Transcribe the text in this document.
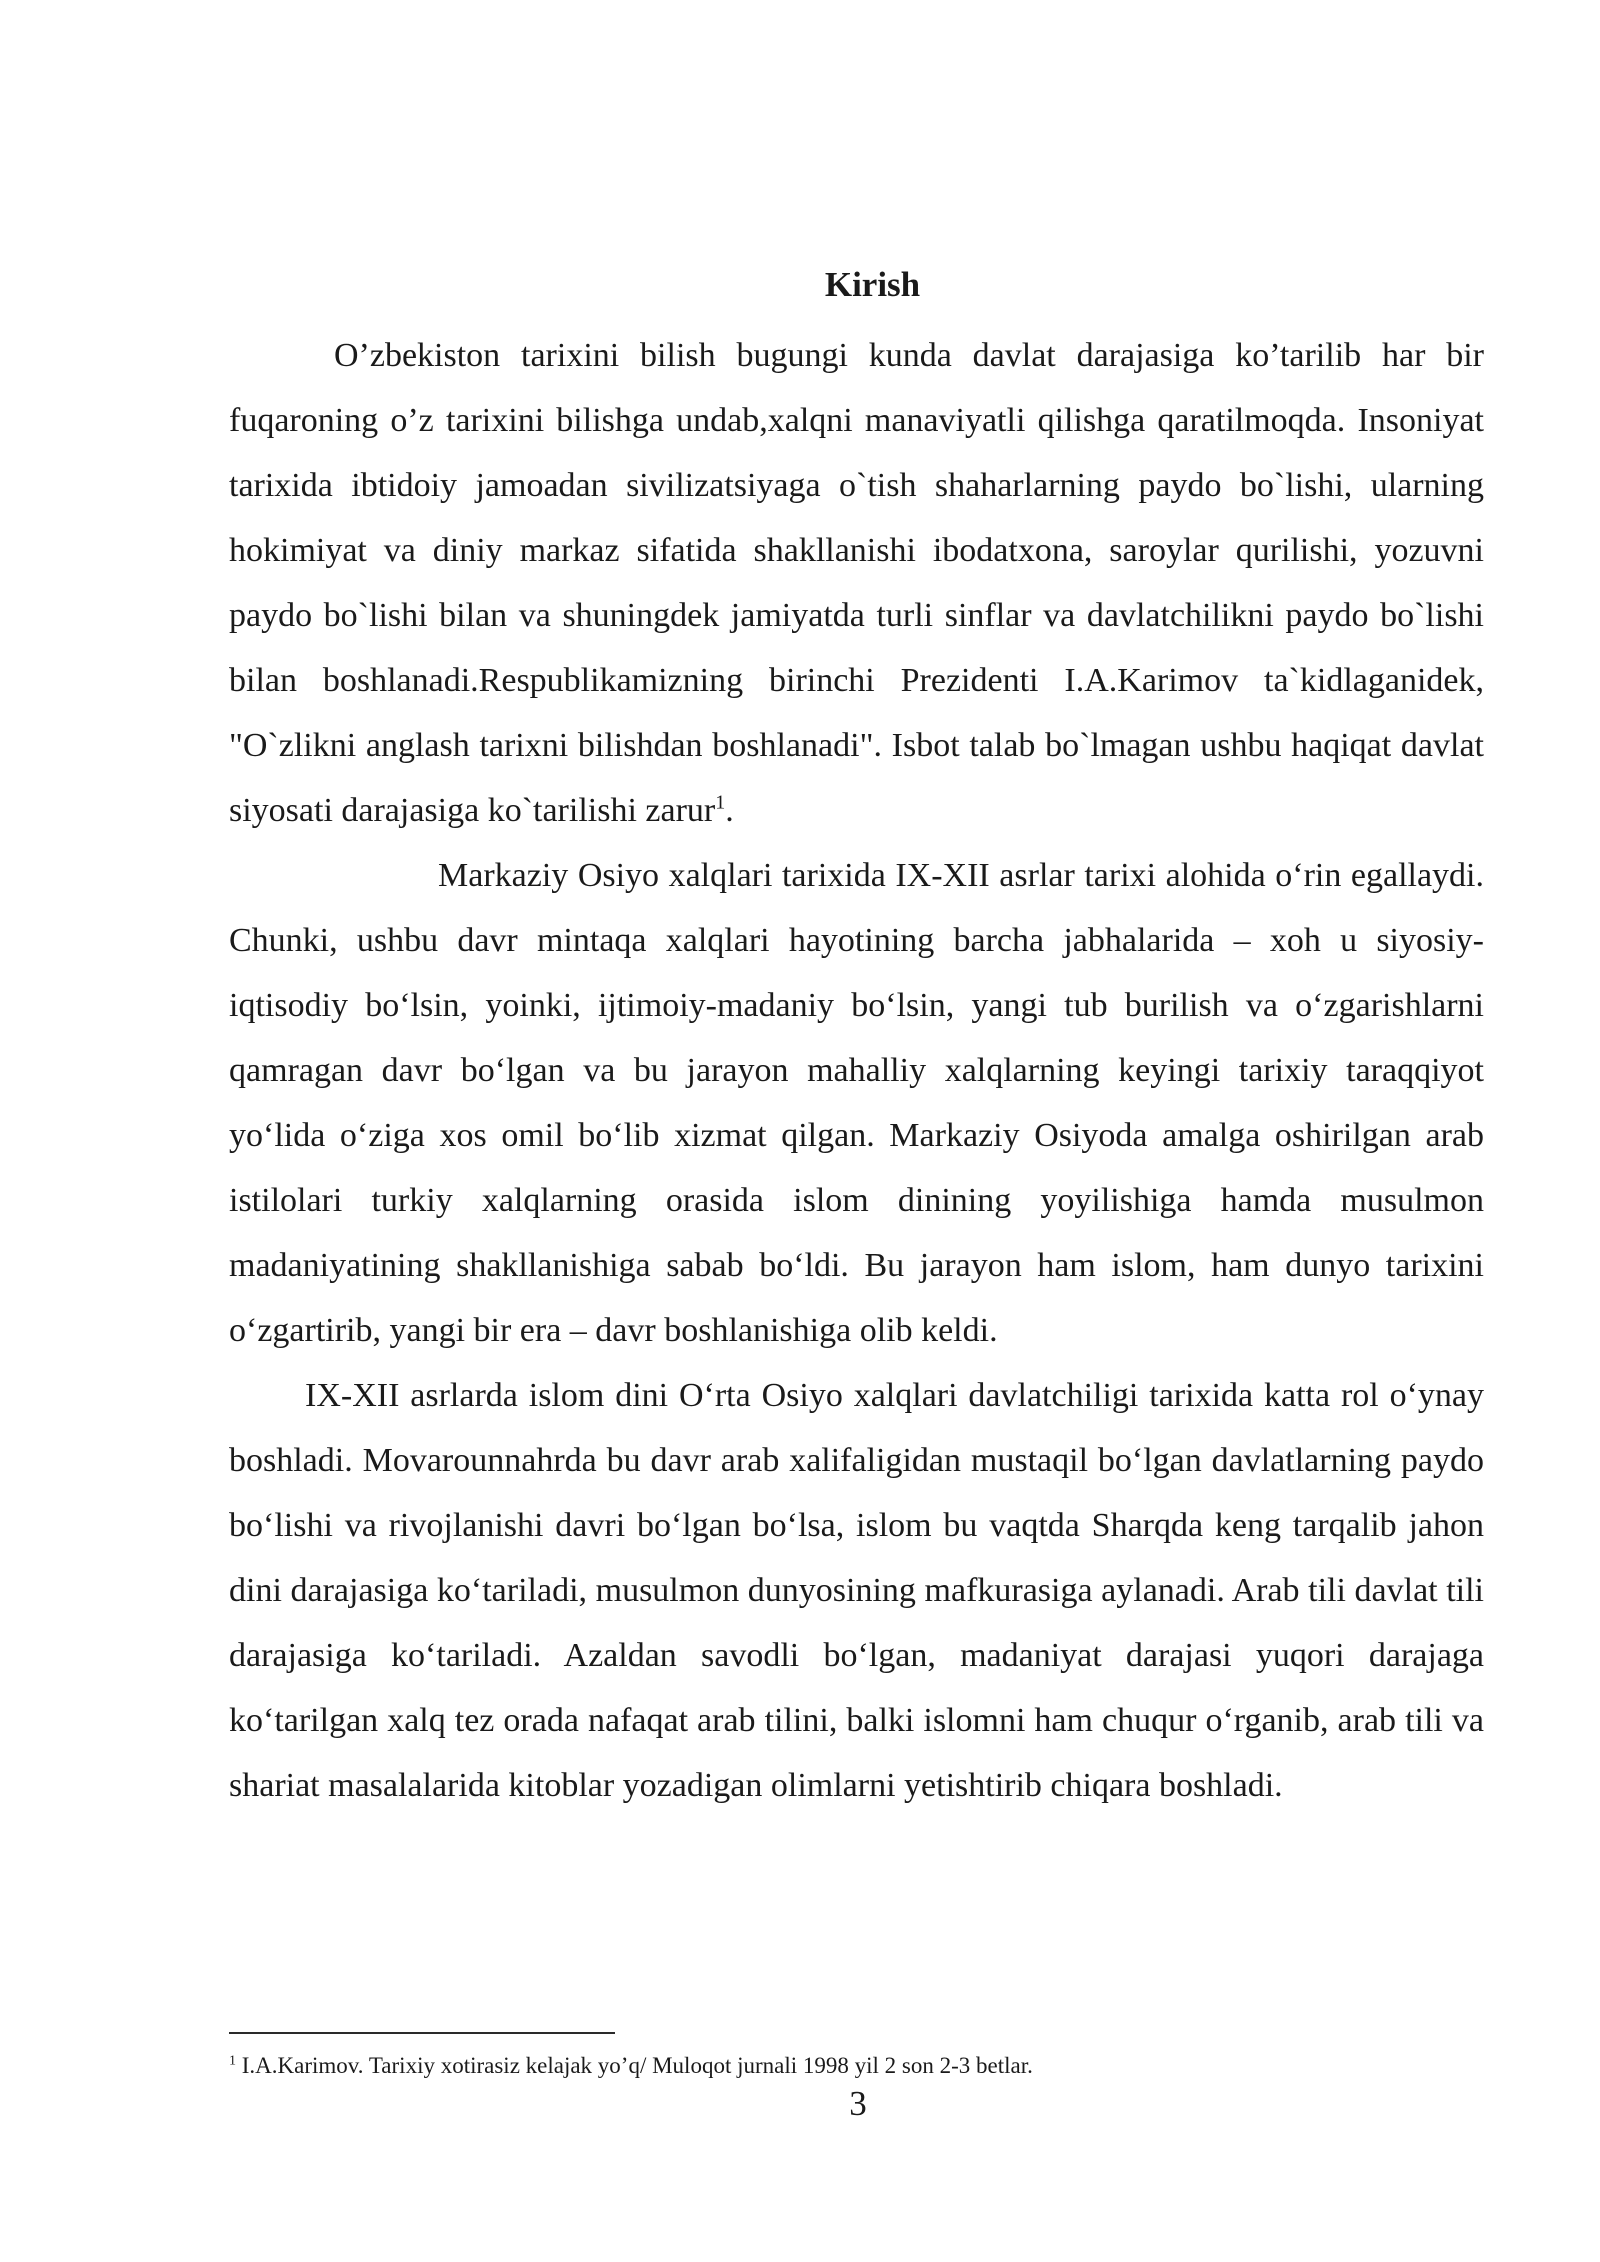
Kirish

O’zbekiston tarixini bilish bugungi kunda davlat darajasiga ko’tarilib har bir fuqaroning o’z tarixini bilishga undab,xalqni manaviyatli qilishga qaratilmoqda. Insoniyat tarixida ibtidoiy jamoadan sivilizatsiyaga o`tish shaharlarning paydo bo`lishi, ularning hokimiyat va diniy markaz sifatida shakllanishi ibodatxona, saroylar qurilishi, yozuvni paydo bo`lishi bilan va shuningdek jamiyatda turli sinflar va davlatchilikni paydo bo`lishi bilan boshlanadi.Respublikamizning birinchi Prezidenti I.A.Karimov ta`kidlaganidek, "O`zlikni anglash tarixni bilishdan boshlanadi". Isbot talab bo`lmagan ushbu haqiqat davlat siyosati darajasiga ko`tarilishi zarur$^1$.

Markaziy Osiyo xalqlari tarixida IX-XII asrlar tarixi alohida o‘rin egallaydi. Chunki, ushbu davr mintaqa xalqlari hayotining barcha jabhalarida – xoh u siyosiy-iqtisodiy bo‘lsin, yoinki, ijtimoiy-madaniy bo‘lsin, yangi tub burilish va o‘zgarishlarni qamragan davr bo‘lgan va bu jarayon mahalliy xalqlarning keyingi tarixiy taraqqiyot yo‘lida o‘ziga xos omil bo‘lib xizmat qilgan. Markaziy Osiyoda amalga oshirilgan arab istilolari turkiy xalqlarning orasida islom dinining yoyilishiga hamda musulmon madaniyatining shakllanishiga sabab bo‘ldi. Bu jarayon ham islom, ham dunyo tarixini o‘zgartirib, yangi bir era – davr boshlanishiga olib keldi.

IX-XII asrlarda islom dini O‘rta Osiyo xalqlari davlatchiligi tarixida katta rol o‘ynay boshladi. Movarounnahrda bu davr arab xalifaligidan mustaqil bo‘lgan davlatlarning paydo bo‘lishi va rivojlanishi davri bo‘lgan bo‘lsa, islom bu vaqtda Sharqda keng tarqalib jahon dini darajasiga ko‘tariladi, musulmon dunyosining mafkurasiga aylanadi. Arab tili davlat tili darajasiga ko‘tariladi. Azaldan savodli bo‘lgan, madaniyat darajasi yuqori darajaga ko‘tarilgan xalq tez orada nafaqat arab tilini, balki islomni ham chuqur o‘rganib, arab tili va shariat masalalarida kitoblar yozadigan olimlarni yetishtirib chiqara boshladi.

$^1$ I.A.Karimov. Tarixiy xotirasiz kelajak yo’q/ Muloqot jurnali 1998 yil 2 son 2-3 betlar.
3
